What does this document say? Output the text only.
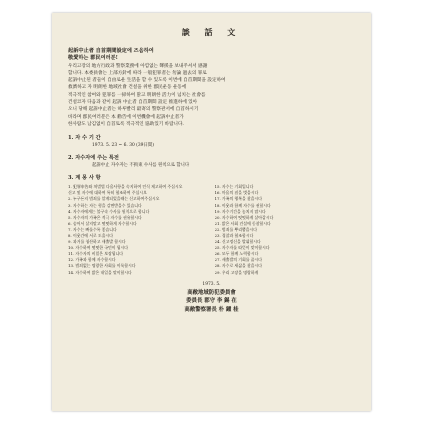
談 話 文
起訴中止者 自首期間設定에 즈음하여
敬愛하는 郡民여러분!
우리고장의 地方行政과 警察業務에 아낌없는 聲援을 보내주셔서 感謝
합니다. 本委員會는 上部方針에 따라 一般犯罪者는 勿論 過去의 罪로
起訴中止된 者들이 自由로운 生活을 할 수 있도록 이번에 自首期間을 設定하여
救濟하고 자 明朗한 地域社會 건설을 위한 郡民운동 운동에
적극적인 참여와 犯罪를 一掃하여 맑고 明朗한 活力이 넘치는 社會를
건설코자 다음과 같이 起訴 中止者 自首期間 設定 推進하에 있아
오니 당해 起訴中止者는 하루빨리 最寄의 警察관서에 自首하시기
바라며 郡民여러분은 本 勸告에 이번機會에 起訴中止者가
한사람도 남김없이 自首토록 적극적인 協助있기 바랍니다.
1. 자 수 기 간
1973. 5. 23 ~ 6. 30 (39日間)
2. 자수자에 주는 특전
起訴中止 자수자는 不拘束 수사를 원칙으로 합니다
3. 계 몽 사 항
1. 犯罪申告와 처벌법 다음사항을 숙지하여 인식 제고하여 주십시오
신고 및 자수에 대하여 특히 협조하여 주십시오
2. 누구든지 범죄를 알게되었을때는 신고하여주십시오
3. 자수하는 자는 형을 감면받을수 있습니다
4. 자수자에게는 불구속 수사를 원칙으로 합니다
5. 자수자의 가족은 적극 자수를 권유합시다
6. 숨어서 살지말고 떳떳하게 자수합시다
7. 자수는 빠를수록 좋습니다
8. 이웃간에 서로 도웁시다
9. 과거를 청산하고 새출발 합시다
10. 자수하여 떳떳한 국민이 됩시다
11. 자수자의 비밀은 보장됩니다
12. 가족과 함께 자수합시다
13. 범죄없는 명랑한 사회를 이룩합시다
14. 자수하여 밝은 내일을 맞이합시다
15. 자수는 기회입니다
16. 마음의 짐을 벗읍시다
17. 가족의 행복을 찾읍시다
18. 이웃과 함께 자수를 권합시다
19. 자수기간을 놓치지 맙시다
20. 자수하여 떳떳하게 살아갑시다
21. 밝은 사회 건설에 동참합시다
22. 범죄를 뿌리뽑읍시다
23. 경찰과 협조합시다
24. 신고정신을 발휘합시다
25. 자수자를 따뜻이 맞이합시다
26. 모두 함께 노력합시다
27. 새출발의 기회를 줍시다
28. 자수로 새삶을 찾읍시다
29. 우리 고장을 명랑하게
1973. 5.
高敞地域防犯委員會
委員長 郡守 李 錫 在
高敞警察署長 朴 鍾 桂
